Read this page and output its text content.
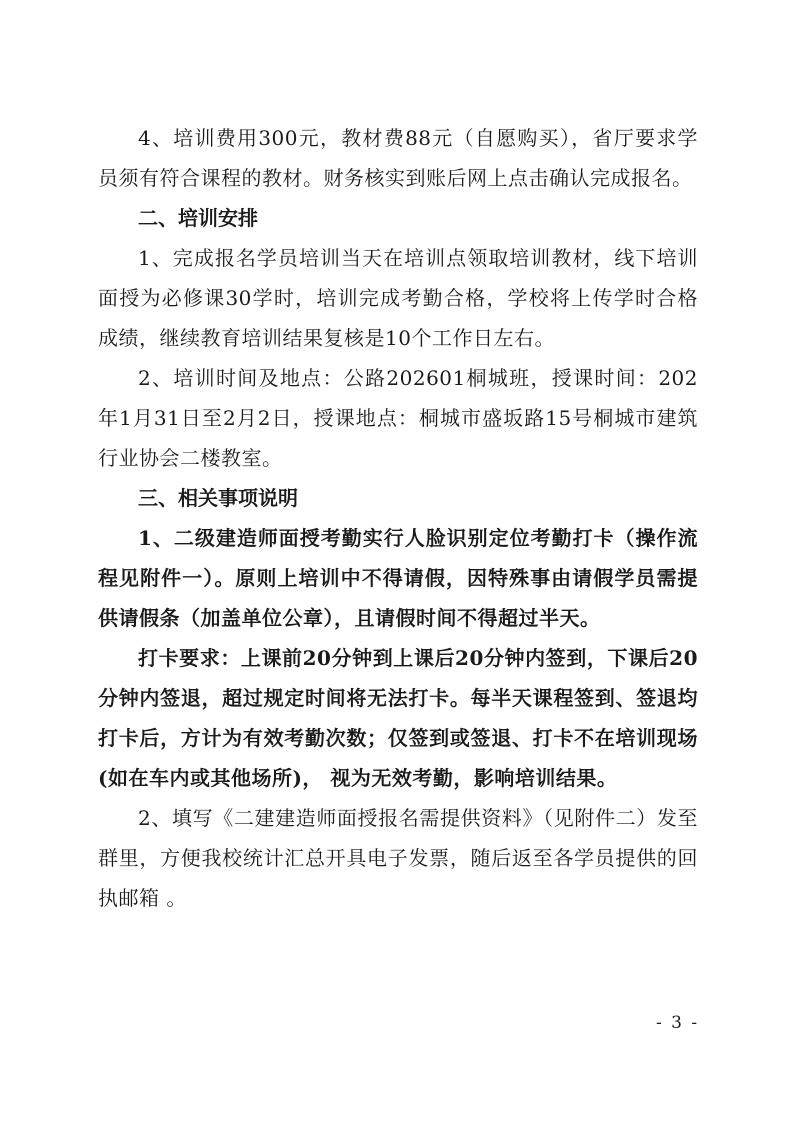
4、培训费用300元，教材费88元（自愿购买），省厅要求学员须有符合课程的教材。财务核实到账后网上点击确认完成报名。

二、培训安排

1、完成报名学员培训当天在培训点领取培训教材，线下培训面授为必修课30学时，培训完成考勤合格，学校将上传学时合格成绩，继续教育培训结果复核是10个工作日左右。

2、培训时间及地点：公路202601桐城班，授课时间：202年1月31日至2月2日，授课地点：桐城市盛坂路15号桐城市建筑行业协会二楼教室。

三、相关事项说明

1、二级建造师面授考勤实行人脸识别定位考勤打卡（操作流程见附件一）。原则上培训中不得请假，因特殊事由请假学员需提供请假条（加盖单位公章），且请假时间不得超过半天。

打卡要求：上课前20分钟到上课后20分钟内签到，下课后20分钟内签退，超过规定时间将无法打卡。每半天课程签到、签退均打卡后，方计为有效考勤次数；仅签到或签退、打卡不在培训现场(如在车内或其他场所)， 视为无效考勤，影响培训结果。

2、填写《二建建造师面授报名需提供资料》（见附件二）发至群里，方便我校统计汇总开具电子发票，随后返至各学员提供的回执邮箱 。

- 3 -
